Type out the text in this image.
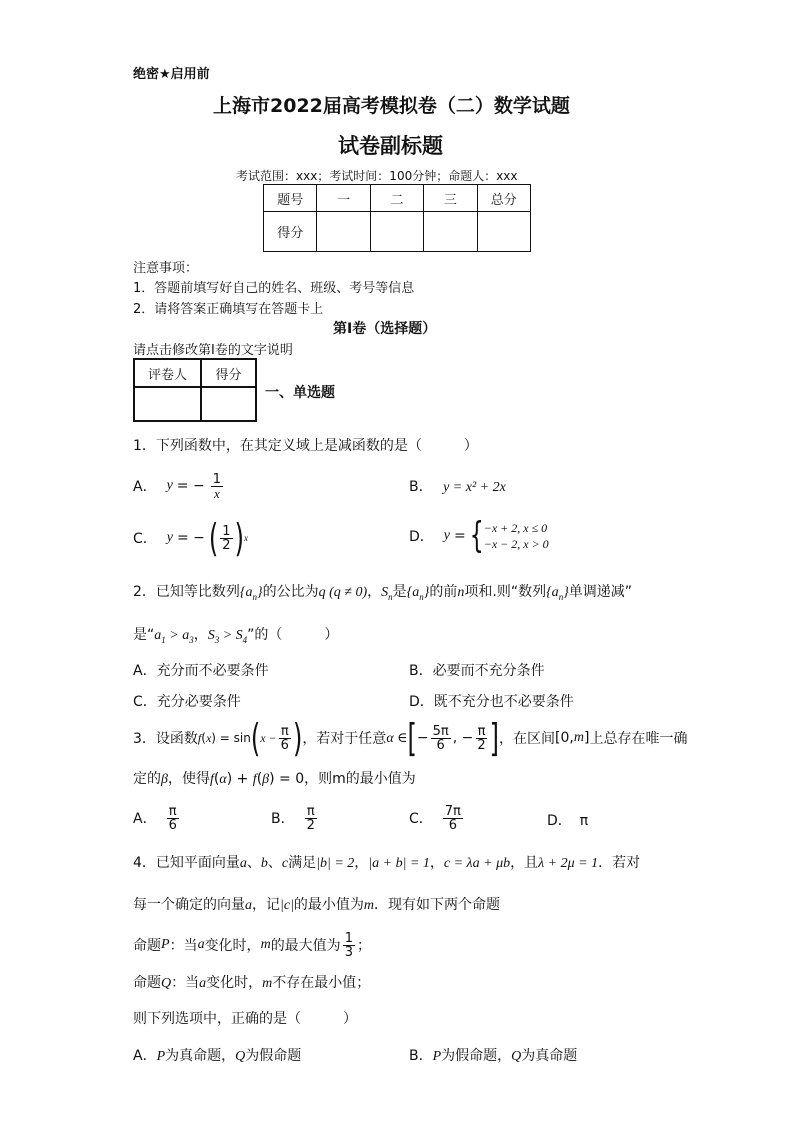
绝密★启用前
上海市2022届高考模拟卷（二）数学试题
试卷副标题
考试范围：xxx；考试时间：100分钟；命题人：xxx
题号	一	二	三	总分
得分				
注意事项：
1．答题前填写好自己的姓名、班级、考号等信息
2．请将答案正确填写在答题卡上
第I卷（选择题）
请点击修改第I卷的文字说明
评卷人	得分

一、单选题
1．下列函数中，在其定义域上是减函数的是（　　　）
A． y = − $\frac{1}{x}$	B． y = x² + 2x
C． y = − ( $\frac{1}{2}$ ) x	D． y = { −x + 2, x ≤ 0
−x − 2, x > 0
2．已知等比数列$\{a_n\}$的公比为q (q ≠ 0)，$S_n$是$\{a_n\}$的前n项和.则“数列$\{a_n\}$单调递减”
是“$a_1 > a_3$，$S_3 > S_4$”的（　　　）
A．充分而不必要条件	B．必要而不充分条件
C．充分必要条件	D．既不充分也不必要条件
3．设函数 f ( x ) = sin ( $x - \frac{\pi}{6}$ ) ，若对于任意 α ∈ [ − $\frac{5\pi}{6}$ , − $\frac{\pi}{2}$ ] ，在区间 [0, m ] 上总存在唯一确
定的β，使得f(α) + f(β) = 0，则m的最小值为
A． $\frac{\pi}{6}$	B． $\frac{\pi}{2}$	C． $\frac{7\pi}{6}$	D． π
4．已知平面向量a、b、c满足|b| = 2，|a + b| = 1，c = λa + μb，且λ + 2μ = 1．若对
每一个确定的向量a，记|c|的最小值为m．现有如下两个命题
命题 P ：当 a 变化时， m 的最大值为 $\frac{1}{3}$ ；
命题Q：当a变化时，m不存在最小值；
则下列选项中，正确的是（　　　）
A．P为真命题，Q为假命题	B．P为假命题，Q为真命题
